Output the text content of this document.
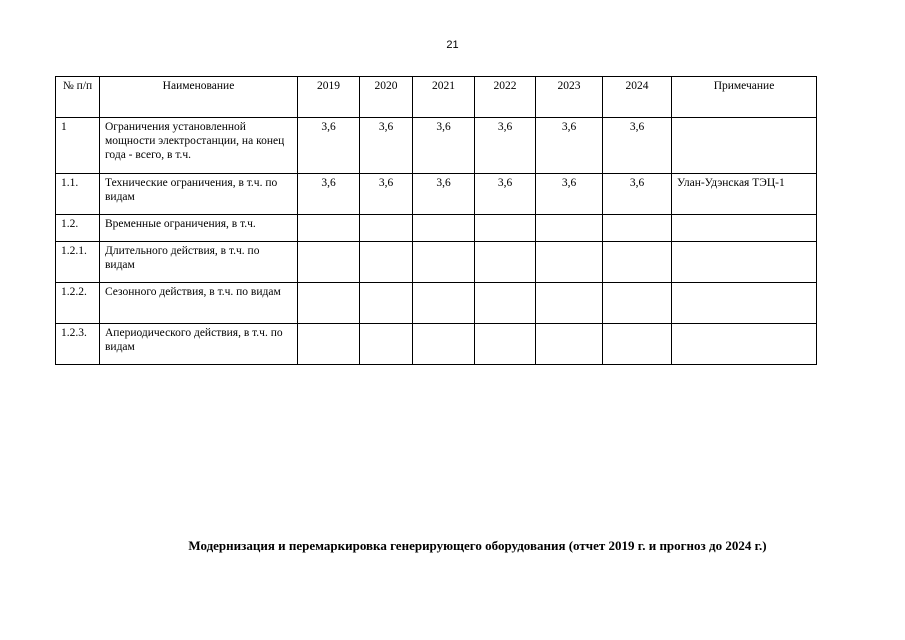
21
№ п/п	Наименование	2019	2020	2021	2022	2023	2024	Примечание
1	Ограничения установленной мощности электростанции, на конец года - всего, в т.ч.	3,6	3,6	3,6	3,6	3,6	3,6	
1.1.	Технические ограничения, в т.ч. по видам	3,6	3,6	3,6	3,6	3,6	3,6	Улан-Удэнская ТЭЦ-1
1.2.	Временные ограничения, в т.ч.							
1.2.1.	Длительного действия, в т.ч. по видам							
1.2.2.	Сезонного действия, в т.ч. по видам							
1.2.3.	Апериодического действия, в т.ч. по видам							
Модернизация и перемаркировка генерирующего оборудования (отчет 2019 г. и прогноз до 2024 г.)
